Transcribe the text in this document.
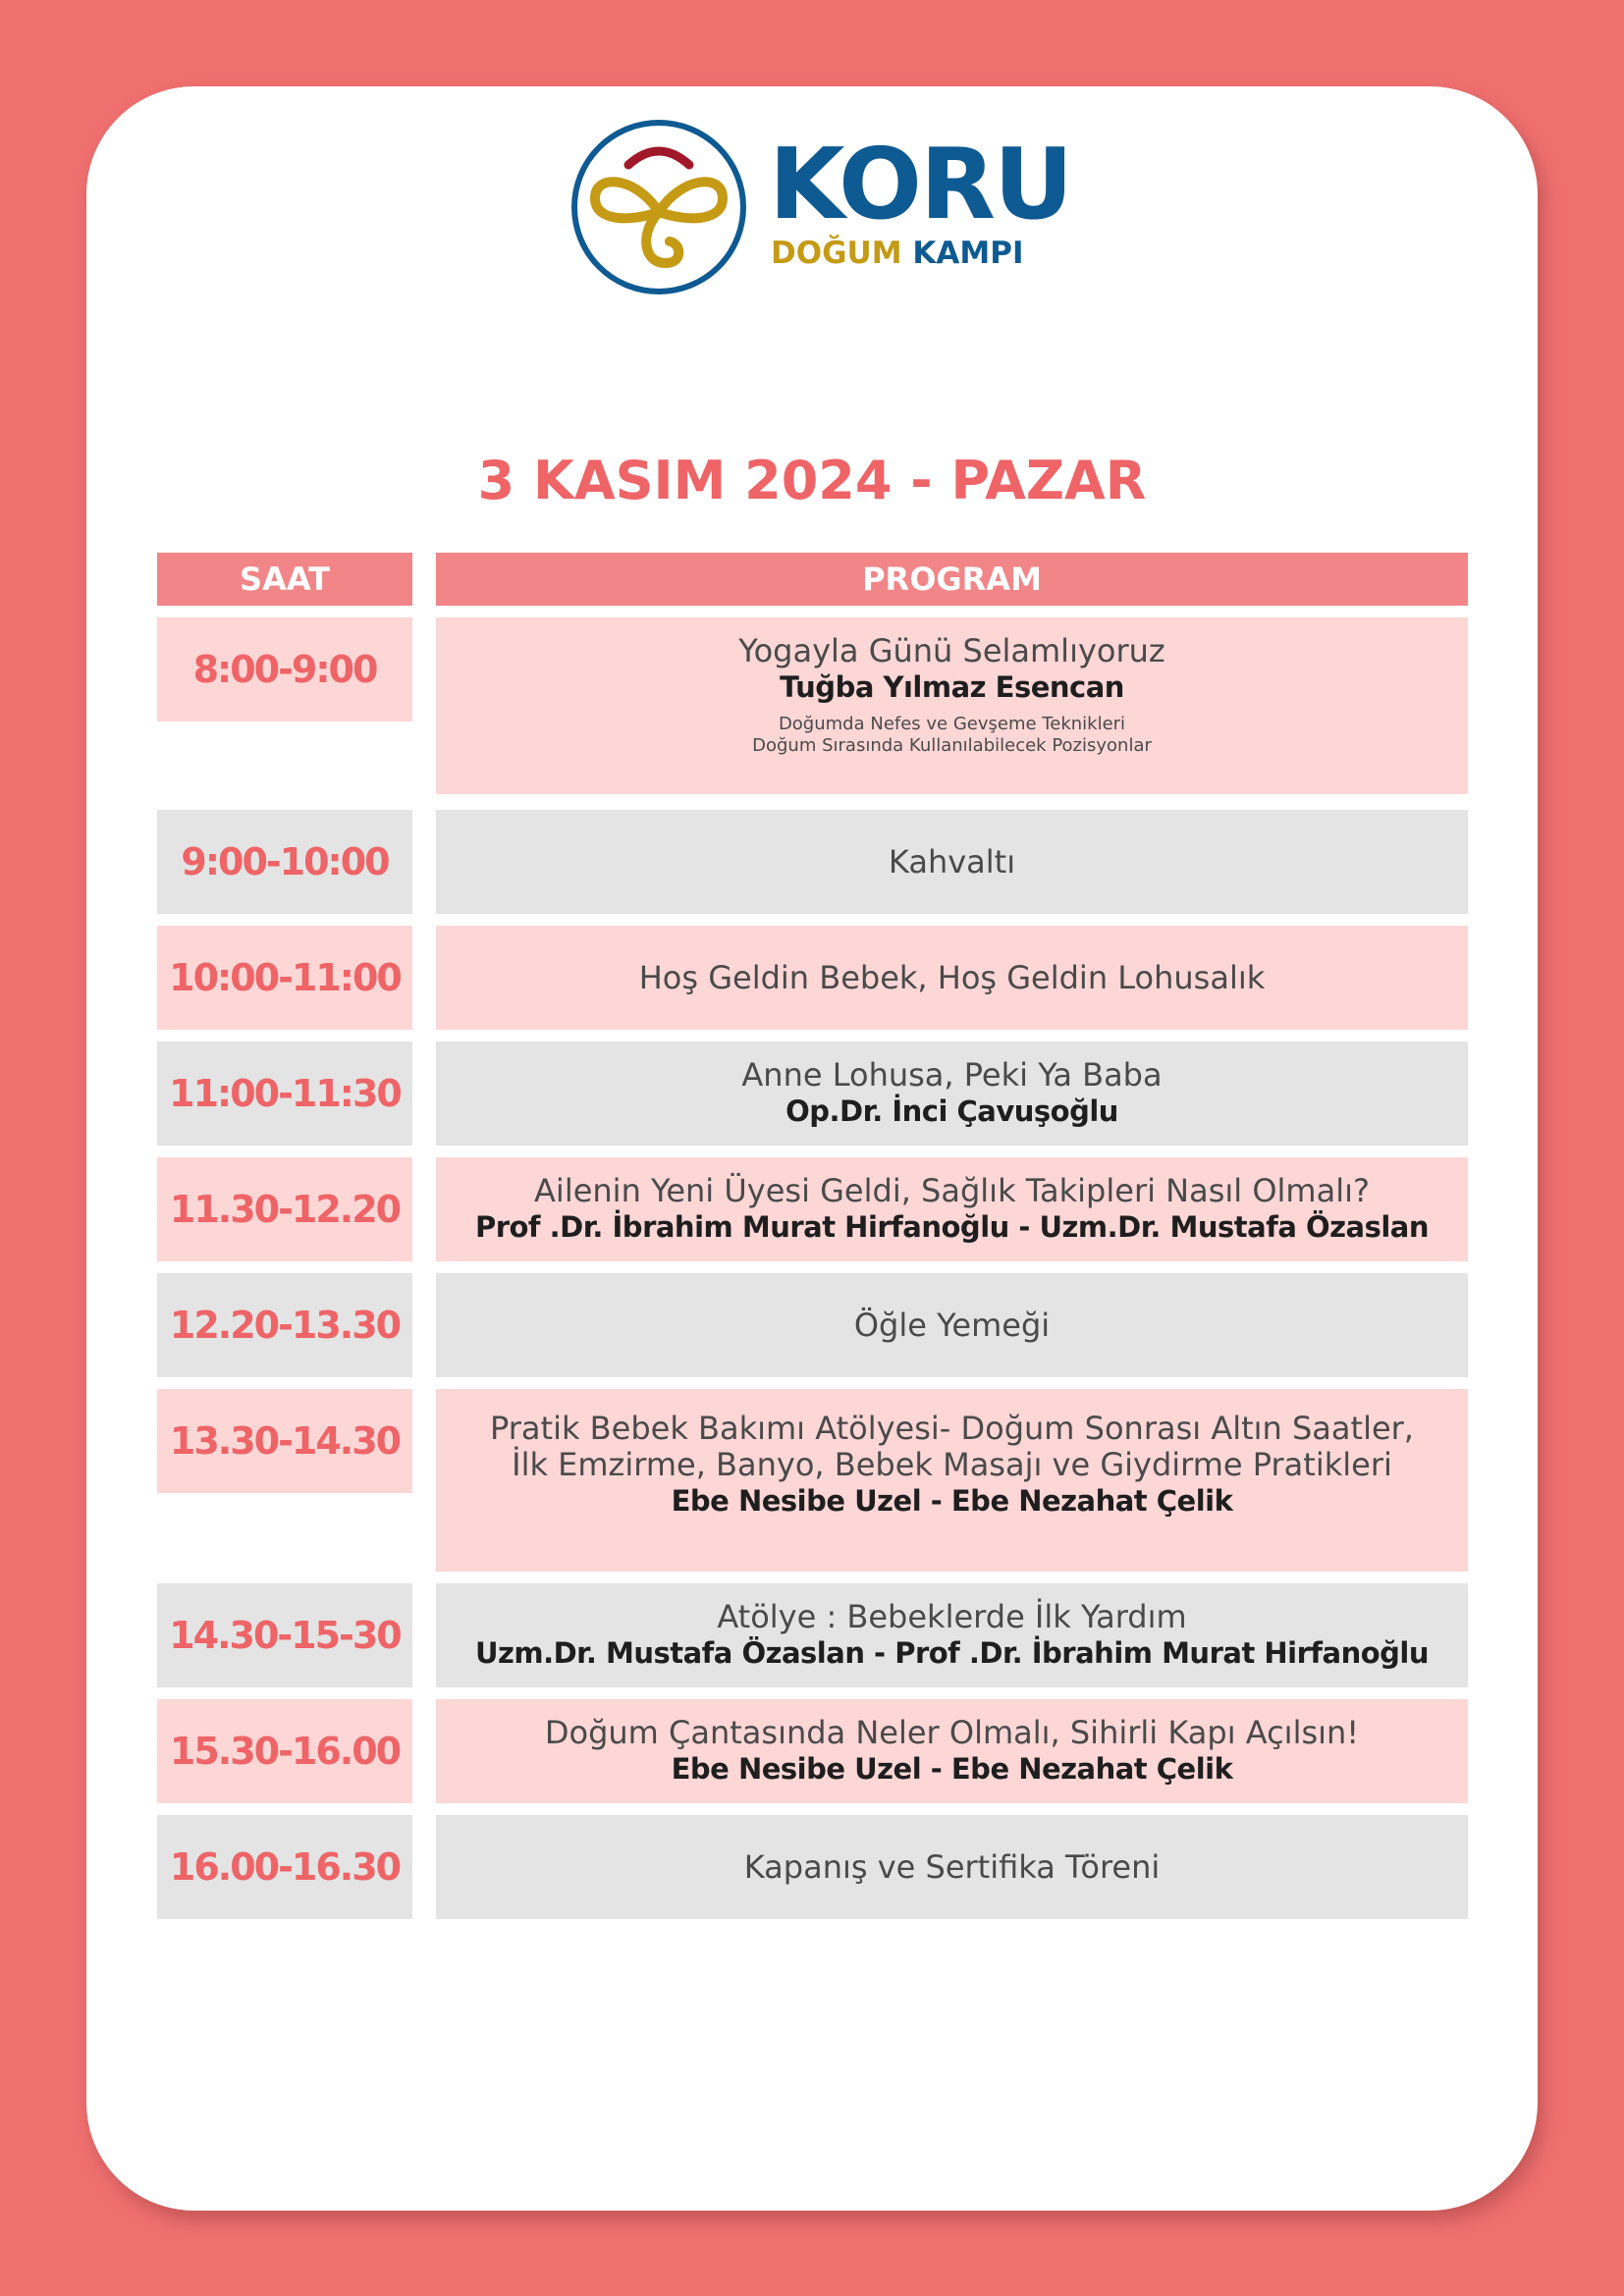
KORU
DOĞUM KAMPI
3 KASIM 2024 - PAZAR
SAAT	PROGRAM
8:00-9:00	Yogayla Günü Selamlıyoruz
Tuğba Yılmaz Esencan
Doğumda Nefes ve Gevşeme Teknikleri
Doğum Sırasında Kullanılabilecek Pozisyonlar
9:00-10:00	Kahvaltı
10:00-11:00	Hoş Geldin Bebek, Hoş Geldin Lohusalık
11:00-11:30	Anne Lohusa, Peki Ya Baba
Op.Dr. İnci Çavuşoğlu
11.30-12.20	Ailenin Yeni Üyesi Geldi, Sağlık Takipleri Nasıl Olmalı?
Prof .Dr. İbrahim Murat Hirfanoğlu - Uzm.Dr. Mustafa Özaslan
12.20-13.30	Öğle Yemeği
13.30-14.30	Pratik Bebek Bakımı Atölyesi- Doğum Sonrası Altın Saatler,
İlk Emzirme, Banyo, Bebek Masajı ve Giydirme Pratikleri
Ebe Nesibe Uzel - Ebe Nezahat Çelik
14.30-15-30	Atölye : Bebeklerde İlk Yardım
Uzm.Dr. Mustafa Özaslan - Prof .Dr. İbrahim Murat Hirfanoğlu
15.30-16.00	Doğum Çantasında Neler Olmalı, Sihirli Kapı Açılsın!
Ebe Nesibe Uzel - Ebe Nezahat Çelik
16.00-16.30	Kapanış ve Sertifika Töreni
